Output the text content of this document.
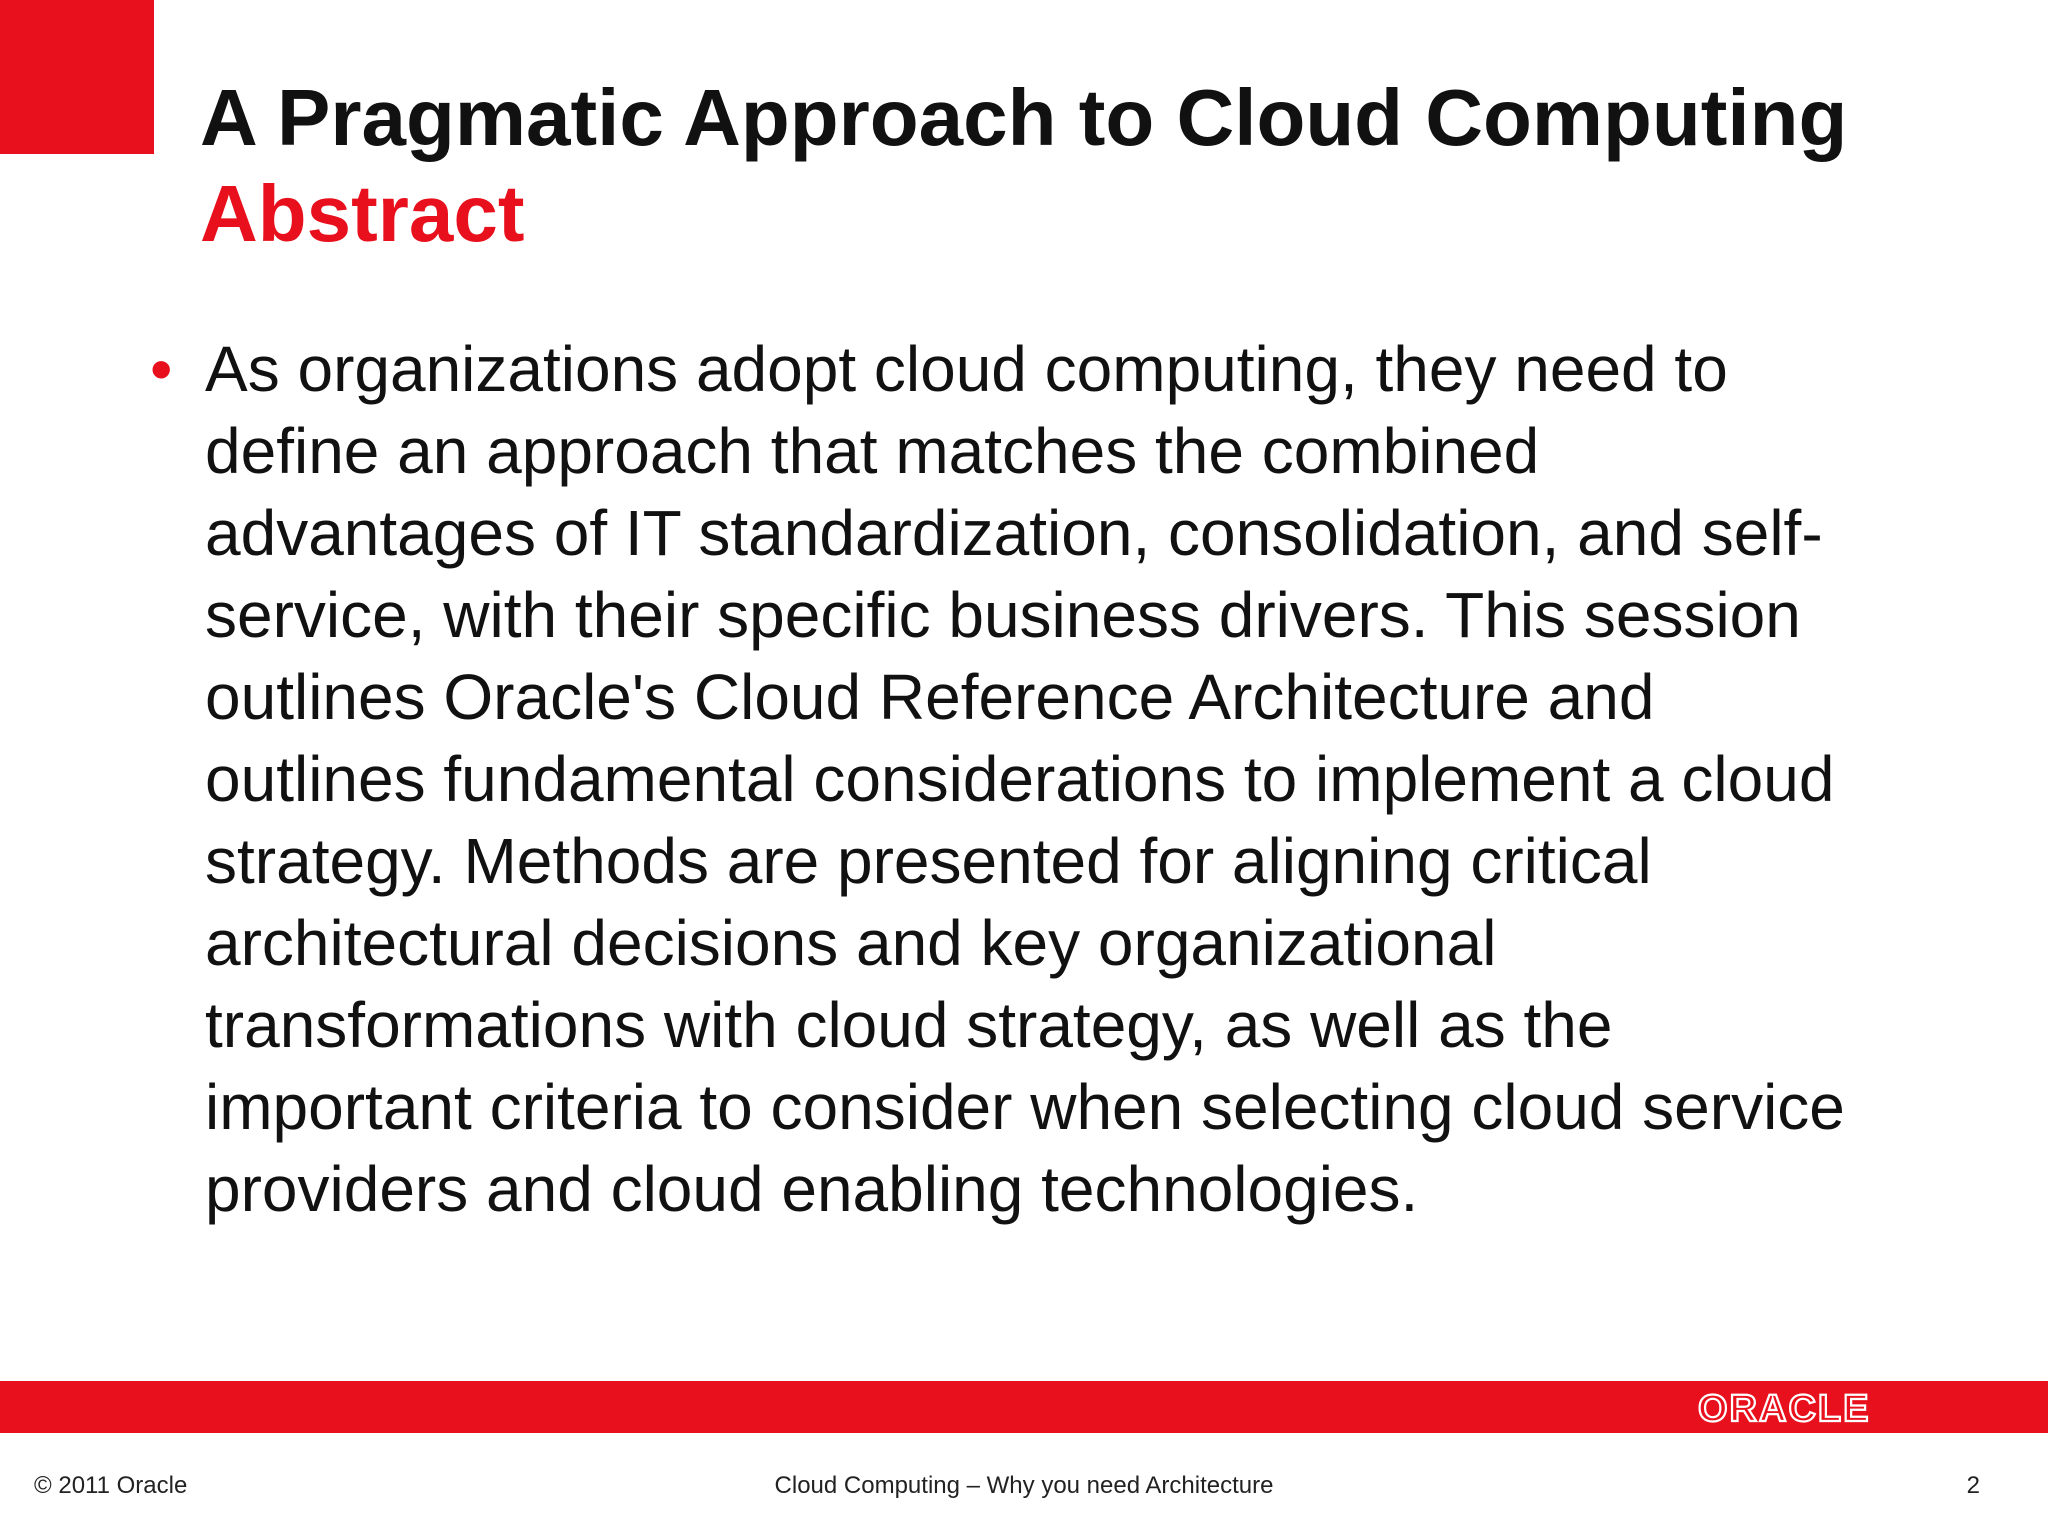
A Pragmatic Approach to Cloud Computing
Abstract
• As organizations adopt cloud computing, they need to define an approach that matches the combined advantages of IT standardization, consolidation, and self-service, with their specific business drivers. This session outlines Oracle's Cloud Reference Architecture and outlines fundamental considerations to implement a cloud strategy. Methods are presented for aligning critical architectural decisions and key organizational transformations with cloud strategy, as well as the important criteria to consider when selecting cloud service providers and cloud enabling technologies.
ORACLE
© 2011 Oracle	Cloud Computing – Why you need Architecture	2
